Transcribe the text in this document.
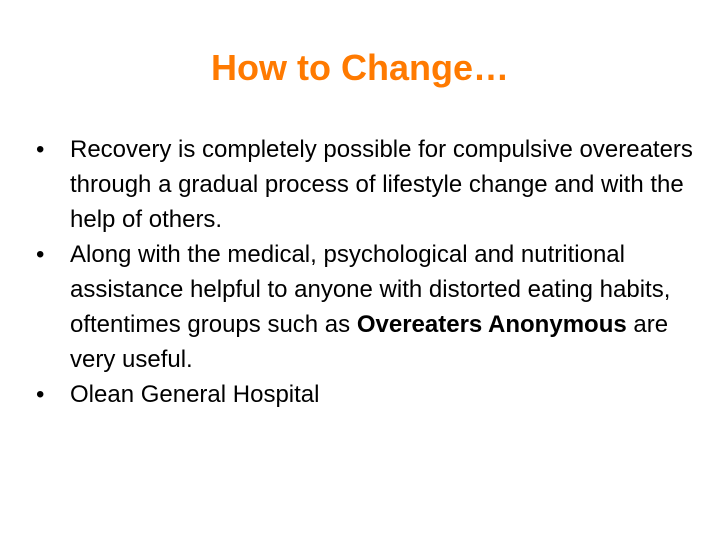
How to Change…
•	Recovery is completely possible for compulsive overeaters through a gradual process of lifestyle change and with the help of others.
•	Along with the medical, psychological and nutritional assistance helpful to anyone with distorted eating habits, oftentimes groups such as Overeaters Anonymous are very useful.
•	Olean General Hospital
